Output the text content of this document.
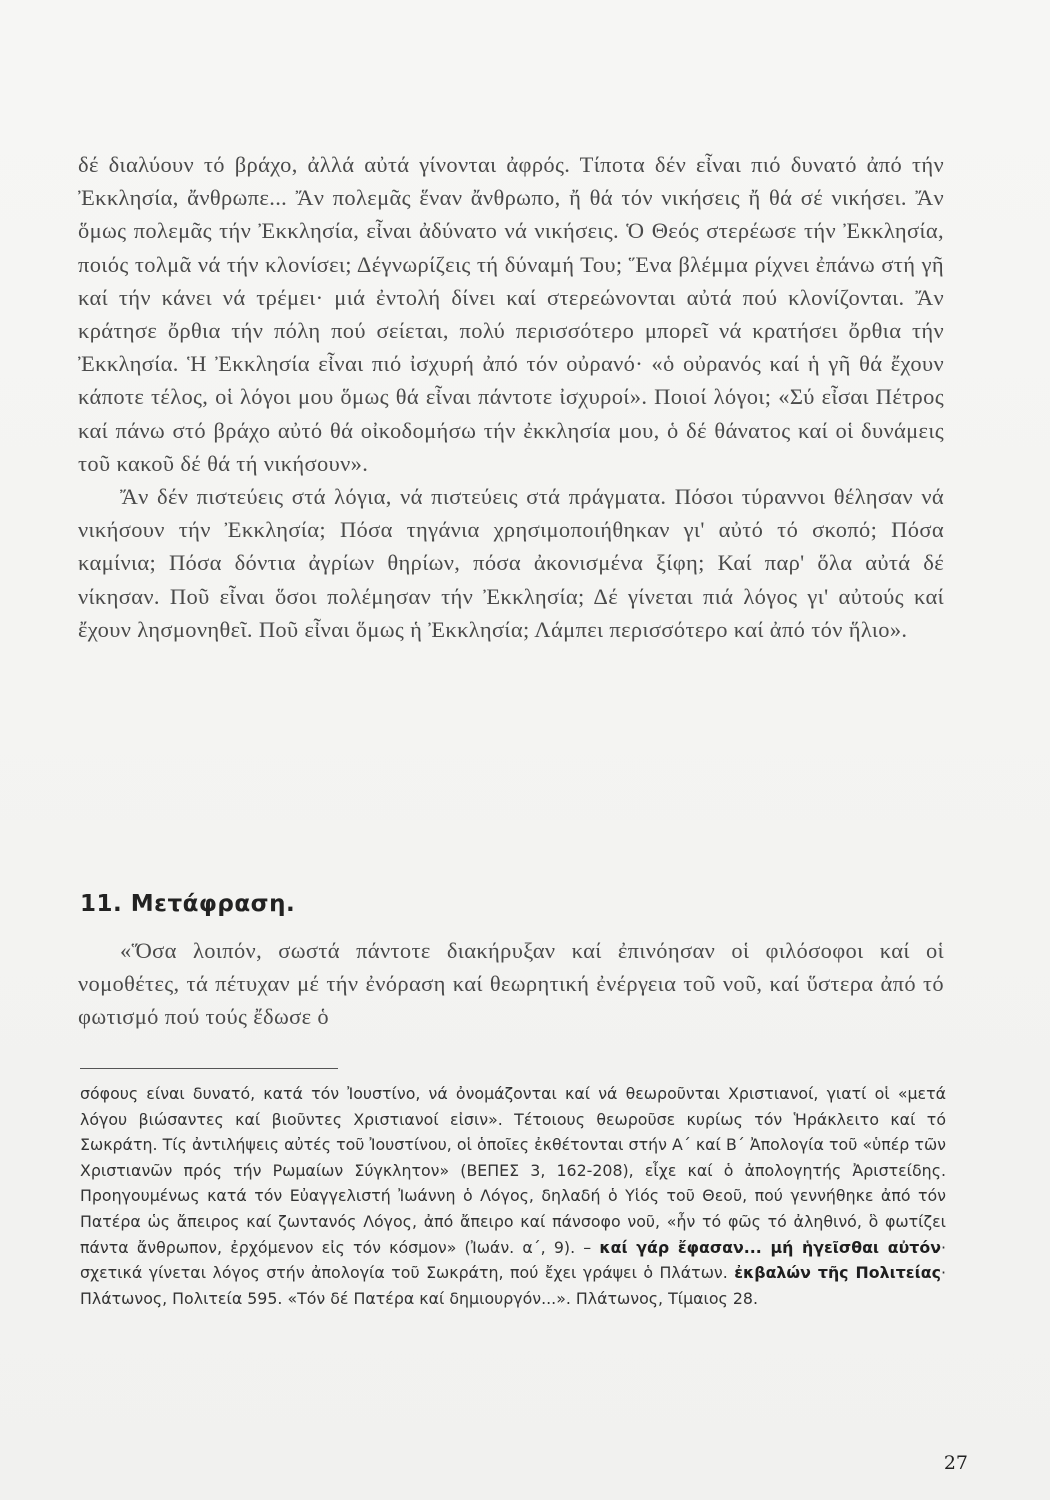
δέ διαλύουν τό βράχο, ἀλλά αὐτά γίνονται ἀφρός. Τίποτα δέν εἶναι πιό δυνατό ἀπό τήν Ἐκκλησία, ἄνθρωπε... Ἄν πολεμᾶς ἕναν ἄνθρωπο, ἤ θά τόν νικήσεις ἤ θά σέ νικήσει. Ἄν ὅμως πολεμᾶς τήν Ἐκκλησία, εἶναι ἀδύνατο νά νικήσεις. Ὁ Θεός στερέωσε τήν Ἐκκλησία, ποιός τολμᾶ νά τήν κλονίσει; Δέγνωρίζεις τή δύναμή Του; Ἕνα βλέμμα ρίχνει ἐπάνω στή γῆ καί τήν κάνει νά τρέμει· μιά ἐντολή δίνει καί στερεώνονται αὐτά πού κλονίζονται. Ἄν κράτησε ὄρθια τήν πόλη πού σείεται, πολύ περισσότερο μπορεῖ νά κρατήσει ὄρθια τήν Ἐκκλησία. Ἡ Ἐκκλησία εἶναι πιό ἰσχυρή ἀπό τόν οὐρανό· «ὁ οὐρανός καί ἡ γῆ θά ἔχουν κάποτε τέλος, οἱ λόγοι μου ὅμως θά εἶναι πάντοτε ἰσχυροί». Ποιοί λόγοι; «Σύ εἶσαι Πέτρος καί πάνω στό βράχο αὐτό θά οἰκοδομήσω τήν ἐκκλησία μου, ὁ δέ θάνατος καί οἱ δυνάμεις τοῦ κακοῦ δέ θά τή νικήσουν».

Ἄν δέν πιστεύεις στά λόγια, νά πιστεύεις στά πράγματα. Πόσοι τύραννοι θέλησαν νά νικήσουν τήν Ἐκκλησία; Πόσα τηγάνια χρησιμοποιήθηκαν γι' αὐτό τό σκοπό; Πόσα καμίνια; Πόσα δόντια ἀγρίων θηρίων, πόσα ἀκονισμένα ξίφη; Καί παρ' ὅλα αὐτά δέ νίκησαν. Ποῦ εἶναι ὅσοι πολέμησαν τήν Ἐκκλησία; Δέ γίνεται πιά λόγος γι' αὐτούς καί ἔχουν λησμονηθεῖ. Ποῦ εἶναι ὅμως ἡ Ἐκκλησία; Λάμπει περισσότερο καί ἀπό τόν ἥλιο».

11. Μετάφραση.
«Ὅσα λοιπόν, σωστά πάντοτε διακήρυξαν καί ἐπινόησαν οἱ φιλόσοφοι καί οἱ νομοθέτες, τά πέτυχαν μέ τήν ἐνόραση καί θεωρητική ἐνέργεια τοῦ νοῦ, καί ὕστερα ἀπό τό φωτισμό πού τούς ἔδωσε ὁ
σόφους είναι δυνατό, κατά τόν Ἰουστίνο, νά ὀνομάζονται καί νά θεωροῦνται Χριστιανοί, γιατί οἱ «μετά λόγου βιώσαντες καί βιοῦντες Χριστιανοί εἰσιν». Τέτοιους θεωροῦσε κυρίως τόν Ἡράκλειτο καί τό Σωκράτη. Τίς ἀντιλήψεις αὐτές τοῦ Ἰουστίνου, οἱ ὁποῖες ἐκθέτονται στήν Α΄ καί Β΄ Ἀπολογία τοῦ «ὑπέρ τῶν Χριστιανῶν πρός τήν Ρωμαίων Σύγκλητον» (ΒΕΠΕΣ 3, 162-208), εἶχε καί ὁ ἀπολογητής Ἀριστείδης. Προηγουμένως κατά τόν Εὐαγγελιστή Ἰωάννη ὁ Λόγος, δηλαδή ὁ Υἱός τοῦ Θεοῦ, πού γεννήθηκε ἀπό τόν Πατέρα ὡς ἄπειρος καί ζωντανός Λόγος, ἀπό ἄπειρο καί πάνσοφο νοῦ, «ἦν τό φῶς τό ἀληθινό, ὃ φωτίζει πάντα ἄνθρωπον, ἐρχόμενον εἰς τόν κόσμον» (Ἰωάν. α΄, 9). – καί γάρ ἔφασαν... μή ἡγεῖσθαι αὐτόν· σχετικά γίνεται λόγος στήν ἀπολογία τοῦ Σωκράτη, πού ἔχει γράψει ὁ Πλάτων. ἐκβαλών τῆς Πολιτείας· Πλάτωνος, Πολιτεία 595. «Τόν δέ Πατέρα καί δημιουργόν...». Πλάτωνος, Τίμαιος 28.
27
